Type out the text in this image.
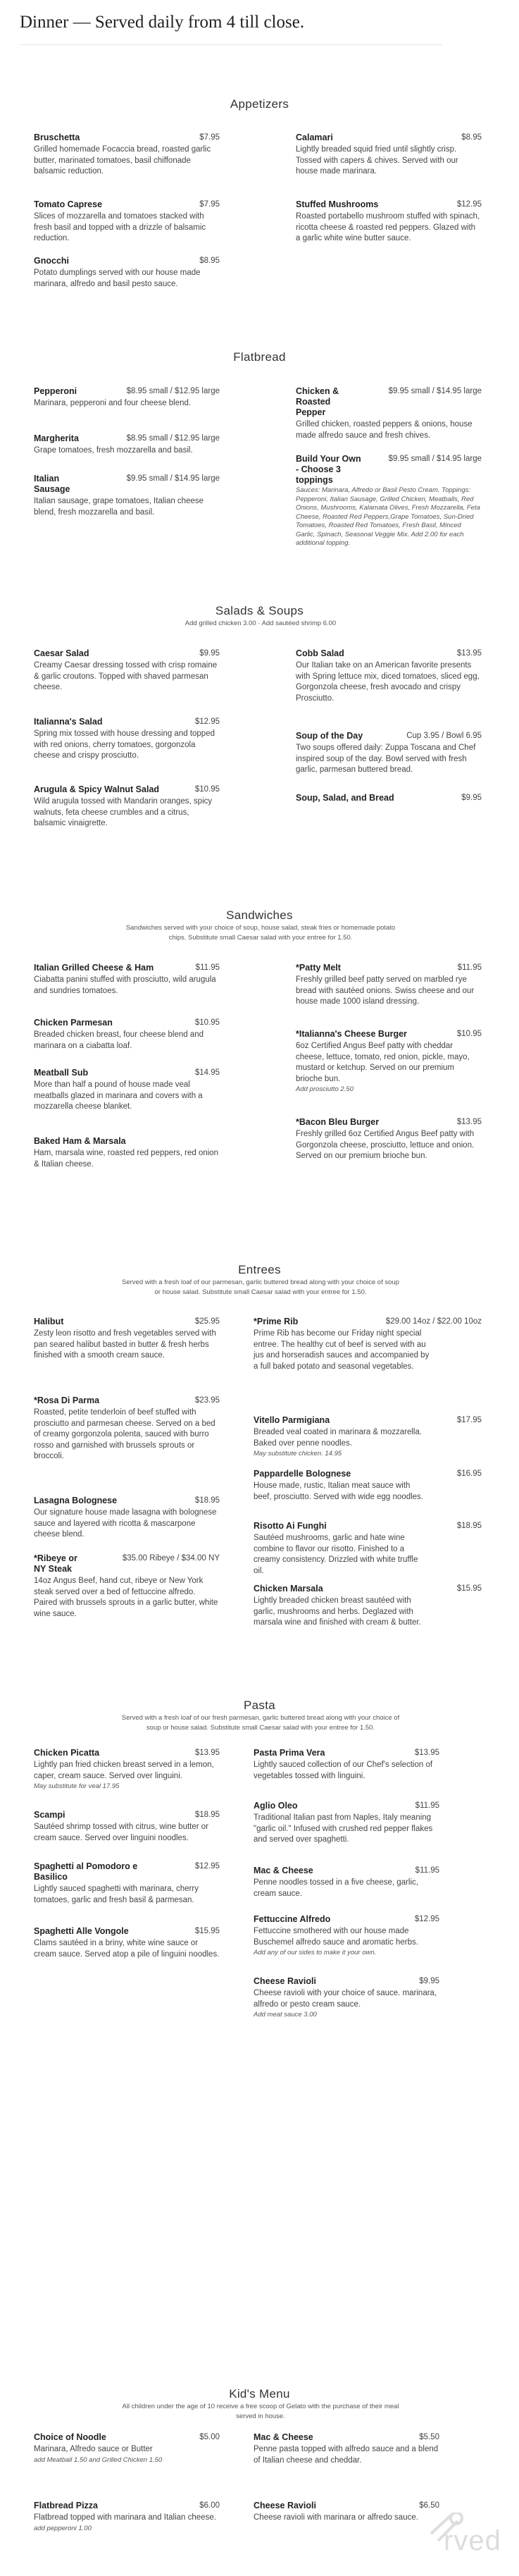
Dinner — Served daily from 4 till close.
Appetizers
Bruschetta	$7.95
Grilled homemade Focaccia bread, roasted garlic butter, marinated tomatoes, basil chiffonade balsamic reduction.
Calamari	$8.95
Lightly breaded squid fried until slightly crisp. Tossed with capers & chives. Served with our house made marinara.
Tomato Caprese	$7.95
Slices of mozzarella and tomatoes stacked with fresh basil and topped with a drizzle of balsamic reduction.
Stuffed Mushrooms	$12.95
Roasted portabello mushroom stuffed with spinach, ricotta cheese & roasted red peppers. Glazed with a garlic white wine butter sauce.
Gnocchi	$8.95
Potato dumplings served with our house made marinara, alfredo and basil pesto sauce.
Flatbread
Pepperoni	$8.95 small / $12.95 large
Marinara, pepperoni and four cheese blend.
Chicken & Roasted Pepper
$9.95 small / $14.95 large
Grilled chicken, roasted peppers & onions, house made alfredo sauce and fresh chives.
Margherita	$8.95 small / $12.95 large
Grape tomatoes, fresh mozzarella and basil.
Build Your Own - Choose 3 toppings
$9.95 small / $14.95 large
Sauces: Marinara, Alfredo or Basil Pesto Cream. Toppings: Pepperoni, Italian Sausage, Grilled Chicken, Meatballs, Red Onions, Mushrooms, Kalamata Olives, Fresh Mozzarella, Feta Cheese, Roasted Red Peppers,Grape Tomatoes, Sun-Dried Tomatoes, Roasted Red Tomatoes, Fresh Basil, Minced Garlic, Spinach, Seasonal Veggie Mix. Add 2.00 for each additional topping.
Italian Sausage
$9.95 small / $14.95 large
Italian sausage, grape tomatoes, Italian cheese blend, fresh mozzarella and basil.
Salads & Soups
Add grilled chicken 3.00 · Add sautéed shrimp 6.00
Caesar Salad	$9.95
Creamy Caesar dressing tossed with crisp romaine & garlic croutons. Topped with shaved parmesan cheese.
Cobb Salad	$13.95
Our Italian take on an American favorite presents with Spring lettuce mix, diced tomatoes, sliced egg, Gorgonzola cheese, fresh avocado and crispy Prosciutto.
Italianna's Salad	$12.95
Spring mix tossed with house dressing and topped with red onions, cherry tomatoes, gorgonzola cheese and crispy prosciutto.
Soup of the Day	Cup 3.95 / Bowl 6.95
Two soups offered daily: Zuppa Toscana and Chef inspired soup of the day. Bowl served with fresh garlic, parmesan buttered bread.
Arugula & Spicy Walnut Salad	$10.95
Wild arugula tossed with Mandarin oranges, spicy walnuts, feta cheese crumbles and a citrus, balsamic vinaigrette.
Soup, Salad, and Bread	$9.95
Sandwiches
Sandwiches served with your choice of soup, house salad, steak fries or homemade potato chips. Substitute small Caesar salad with your entree for 1.50.
Italian Grilled Cheese & Ham	$11.95
Ciabatta panini stuffed with prosciutto, wild arugula and sundries tomatoes.
*Patty Melt	$11.95
Freshly grilled beef patty served on marbled rye bread with sautéed onions. Swiss cheese and our house made 1000 island dressing.
Chicken Parmesan	$10.95
Breaded chicken breast, four cheese blend and marinara on a ciabatta loaf.
*Italianna's Cheese Burger	$10.95
6oz Certified Angus Beef patty with cheddar cheese, lettuce, tomato, red onion, pickle, mayo, mustard or ketchup. Served on our premium brioche bun.
Add prosciutto 2.50
Meatball Sub	$14.95
More than half a pound of house made veal meatballs glazed in marinara and covers with a mozzarella cheese blanket.
*Bacon Bleu Burger	$13.95
Freshly grilled 6oz Certified Angus Beef patty with Gorgonzola cheese, prosciutto, lettuce and onion. Served on our premium brioche bun.
Baked Ham & Marsala
Ham, marsala wine, roasted red peppers, red onion & Italian cheese.
Entrees
Served with a fresh loaf of our parmesan, garlic buttered bread along with your choice of soup or house salad. Substitute small Caesar salad with your entree for 1.50.
Halibut	$25.95
Zesty leon risotto and fresh vegetables served with pan seared halibut basted in butter & fresh herbs finished with a smooth cream sauce.
*Prime Rib	$29.00 14oz / $22.00 10oz
Prime Rib has become our Friday night special entree. The healthy cut of beef is served with au jus and horseradish sauces and accompanied by a full baked potato and seasonal vegetables.
*Rosa Di Parma	$23.95
Roasted, petite tenderloin of beef stuffed with prosciutto and parmesan cheese. Served on a bed of creamy gorgonzola polenta, sauced with burro rosso and garnished with brussels sprouts or broccoli.
Vitello Parmigiana	$17.95
Breaded veal coated in marinara & mozzarella. Baked over penne noodles.
May substitute chicken. 14.95
Pappardelle Bolognese	$16.95
House made, rustic, Italian meat sauce with beef, prosciutto. Served with wide egg noodles.
Lasagna Bolognese	$18.95
Our signature house made lasagna with bolognese sauce and layered with ricotta & mascarpone cheese blend.
Risotto Ai Funghi	$18.95
Sautéed mushrooms, garlic and hate wine combine to flavor our risotto. Finished to a creamy consistency. Drizzled with white truffle oil.
*Ribeye or NY Steak
$35.00 Ribeye / $34.00 NY
14oz Angus Beef, hand cut, ribeye or New York steak served over a bed of fettuccine alfredo. Paired with brussels sprouts in a garlic butter, white wine sauce.
Chicken Marsala	$15.95
Lightly breaded chicken breast sautéed with garlic, mushrooms and herbs. Deglazed with marsala wine and finished with cream & butter.
Pasta
Served with a fresh loaf of our fresh parmesan, garlic buttered bread along with your choice of soup or house salad. Substitute small Caesar salad with your entree for 1.50.
Chicken Picatta	$13.95
Lightly pan fried chicken breast served in a lemon, caper, cream sauce. Served over linguini.
May substitute for veal 17.95
Pasta Prima Vera	$13.95
Lightly sauced collection of our Chef's selection of vegetables tossed with linguini.
Aglio Oleo	$11.95
Traditional Italian past from Naples, Italy meaning "garlic oil." Infused with crushed red pepper flakes and served over spaghetti.
Scampi	$18.95
Sautéed shrimp tossed with citrus, wine butter or cream sauce. Served over linguini noodles.
Spaghetti al Pomodoro e Basilico
$12.95
Lightly sauced spaghetti with marinara, cherry tomatoes, garlic and fresh basil & parmesan.
Mac & Cheese	$11.95
Penne noodles tossed in a five cheese, garlic, cream sauce.
Fettuccine Alfredo	$12.95
Fettuccine smothered with our house made Buschemel alfredo sauce and aromatic herbs.
Add any of our sides to make it your own.
Spaghetti Alle Vongole	$15.95
Clams sautéed in a briny, white wine sauce or cream sauce. Served atop a pile of linguini noodles.
Cheese Ravioli	$9.95
Cheese ravioli with your choice of sauce. marinara, alfredo or pesto cream sauce.
Add meat sauce 3.00
Kid's Menu
All children under the age of 10 receive a free scoop of Gelato with the purchase of their meal served in house.
Choice of Noodle	$5.00
Marinara, Alfredo sauce or Butter
add Meatball 1.50 and Grilled Chicken 1.50
Mac & Cheese	$5.50
Penne pasta topped with alfredo sauce and a blend of Italian cheese and cheddar.
Flatbread Pizza	$6.00
Flatbread topped with marinara and Italian cheese.
add pepperoni 1.00
Cheese Ravioli	$6.50
Cheese ravioli with marinara or alfredo sauce.
rved
